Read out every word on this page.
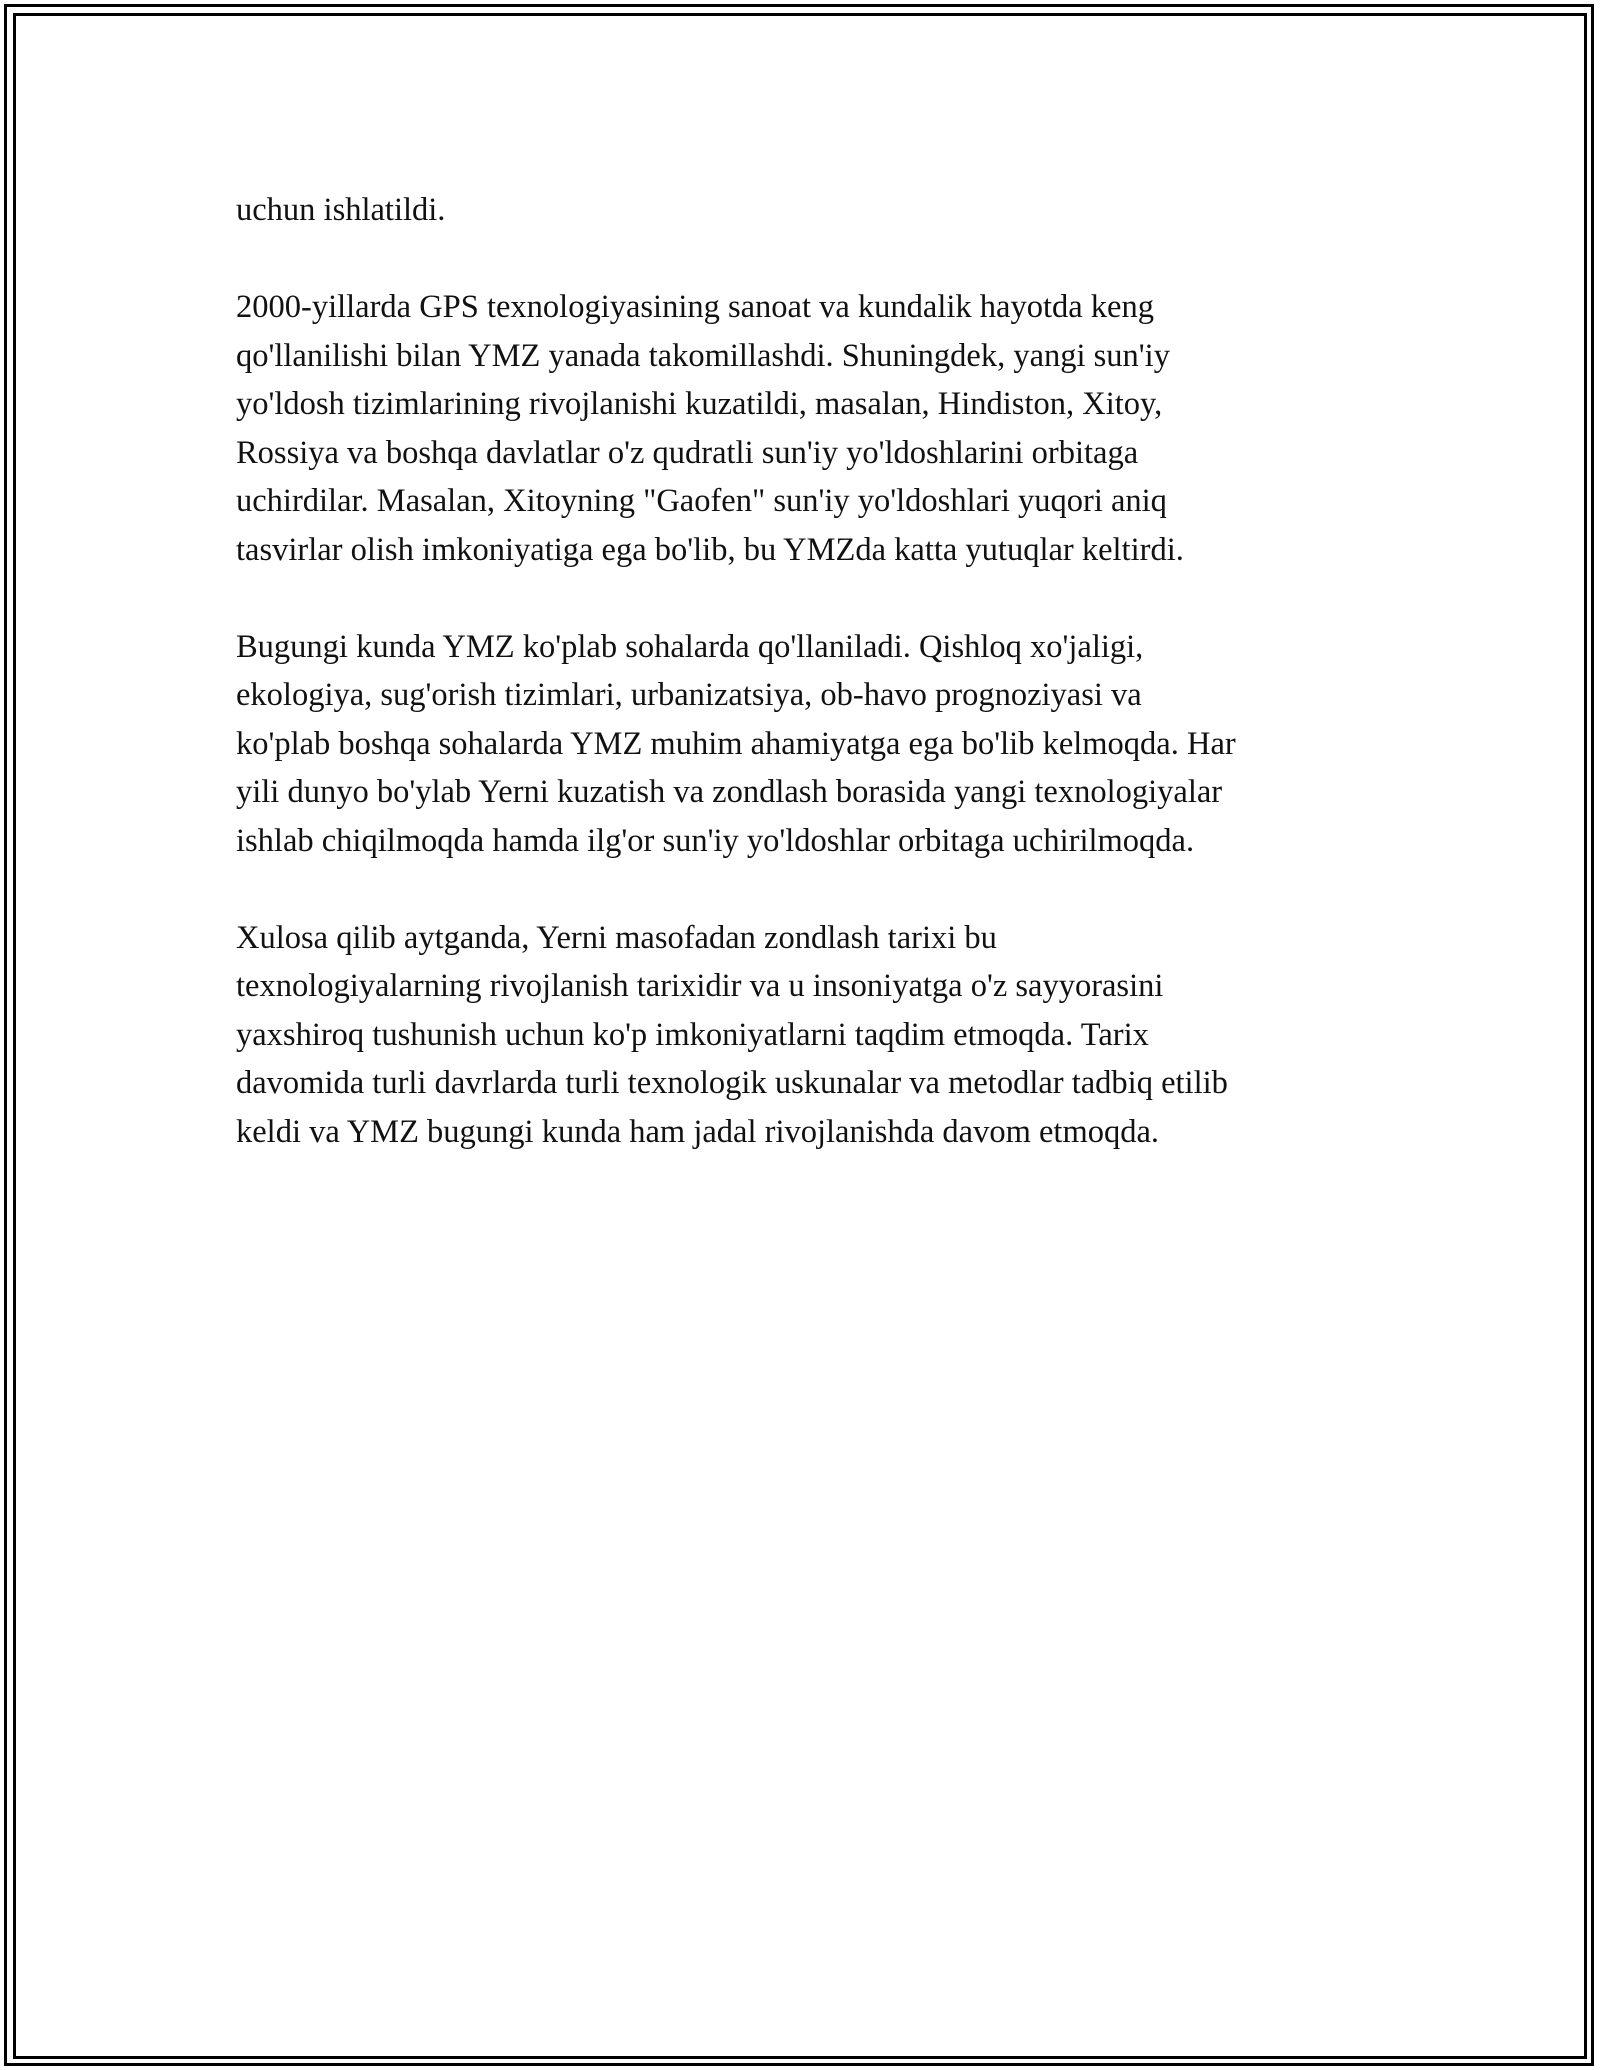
uchun ishlatildi.

2000-yillarda GPS texnologiyasining sanoat va kundalik hayotda keng
qo'llanilishi bilan YMZ yanada takomillashdi. Shuningdek, yangi sun'iy
yo'ldosh tizimlarining rivojlanishi kuzatildi, masalan, Hindiston, Xitoy,
Rossiya va boshqa davlatlar o'z qudratli sun'iy yo'ldoshlarini orbitaga
uchirdilar. Masalan, Xitoyning "Gaofen" sun'iy yo'ldoshlari yuqori aniq
tasvirlar olish imkoniyatiga ega bo'lib, bu YMZda katta yutuqlar keltirdi.

Bugungi kunda YMZ ko'plab sohalarda qo'llaniladi. Qishloq xo'jaligi,
ekologiya, sug'orish tizimlari, urbanizatsiya, ob-havo prognoziyasi va
ko'plab boshqa sohalarda YMZ muhim ahamiyatga ega bo'lib kelmoqda. Har
yili dunyo bo'ylab Yerni kuzatish va zondlash borasida yangi texnologiyalar
ishlab chiqilmoqda hamda ilg'or sun'iy yo'ldoshlar orbitaga uchirilmoqda.

Xulosa qilib aytganda, Yerni masofadan zondlash tarixi bu
texnologiyalarning rivojlanish tarixidir va u insoniyatga o'z sayyorasini
yaxshiroq tushunish uchun ko'p imkoniyatlarni taqdim etmoqda. Tarix
davomida turli davrlarda turli texnologik uskunalar va metodlar tadbiq etilib
keldi va YMZ bugungi kunda ham jadal rivojlanishda davom etmoqda.
